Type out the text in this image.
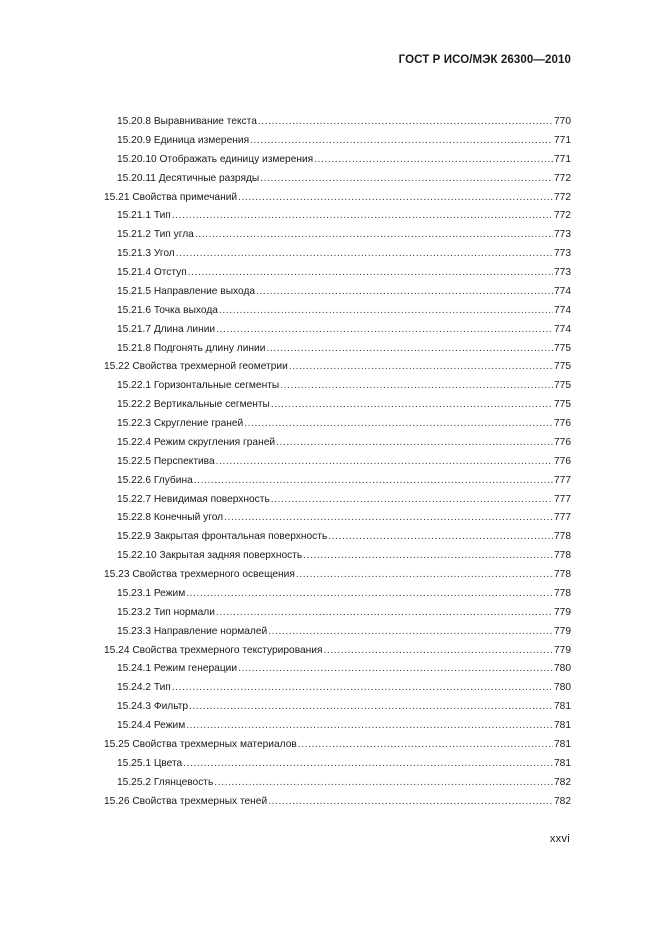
ГОСТ Р ИСО/МЭК 26300—2010
15.20.8 Выравнивание текста .....	770
15.20.9 Единица измерения .....	771
15.20.10 Отображать единицу измерения .....	771
15.20.11 Десятичные разряды .....	772
15.21 Свойства примечаний .....	772
15.21.1 Тип .....	772
15.21.2 Тип угла .....	773
15.21.3 Угол .....	773
15.21.4 Отступ .....	773
15.21.5 Направление выхода .....	774
15.21.6 Точка выхода .....	774
15.21.7 Длина линии .....	774
15.21.8 Подгонять длину линии .....	775
15.22 Свойства трехмерной геометрии .....	775
15.22.1 Горизонтальные сегменты .....	775
15.22.2 Вертикальные сегменты .....	775
15.22.3 Скругление граней .....	776
15.22.4 Режим скругления граней .....	776
15.22.5 Перспектива .....	776
15.22.6 Глубина .....	777
15.22.7 Невидимая поверхность .....	777
15.22.8 Конечный угол .....	777
15.22.9 Закрытая фронтальная поверхность .....	778
15.22.10 Закрытая задняя поверхность .....	778
15.23 Свойства трехмерного освещения .....	778
15.23.1 Режим .....	778
15.23.2 Тип нормали .....	779
15.23.3 Направление нормалей .....	779
15.24 Свойства трехмерного текстурирования .....	779
15.24.1 Режим генерации .....	780
15.24.2 Тип .....	780
15.24.3 Фильтр .....	781
15.24.4 Режим .....	781
15.25 Свойства трехмерных материалов .....	781
15.25.1 Цвета .....	781
15.25.2 Глянцевость .....	782
15.26 Свойства трехмерных теней .....	782
xxvi
